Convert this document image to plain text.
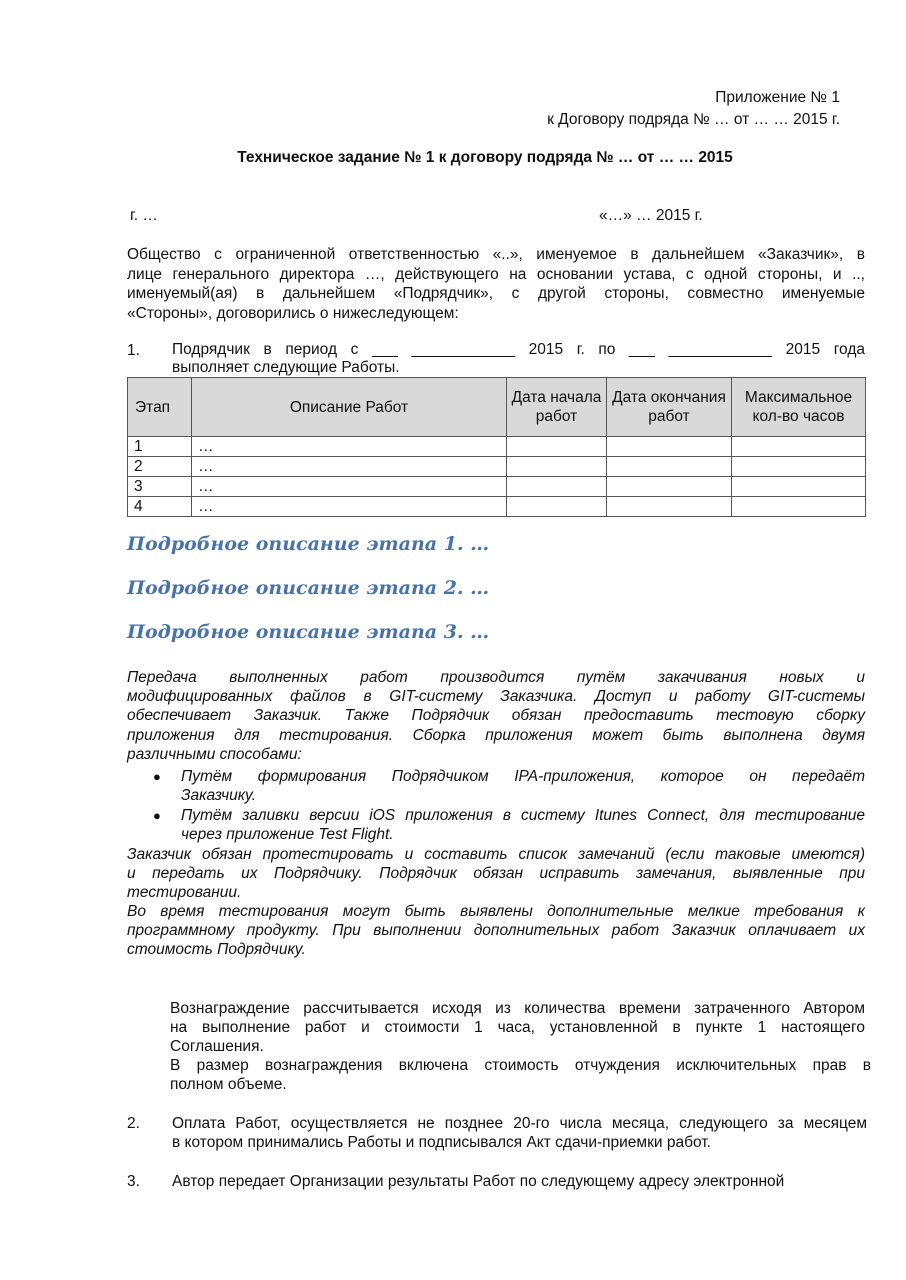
Приложение № 1
к Договору подряда № … от … … 2015 г.
Техническое задание № 1 к договору подряда № … от … … 2015
г. …	«…» … 2015 г.
Общество с ограниченной ответственностью «..», именуемое в дальнейшем «Заказчик», в
лице генерального директора …, действующего на основании устава, с одной стороны, и ..,
именуемый(ая) в дальнейшем «Подрядчик», с другой стороны, совместно именуемые
«Стороны», договорились о нижеследующем:
1. Подрядчик в период с ___ ____________ 2015 г. по ___ ____________ 2015 года
выполняет следующие Работы.
Этап	Описание Работ	Дата начала работ	Дата окончания работ	Максимальное кол-во часов
1	…			
2	…			
3	…			
4	…			
Подробное описание этапа 1. …
Подробное описание этапа 2. …
Подробное описание этапа 3. …
Передача выполненных работ производится путём закачивания новых и
модифицированных файлов в GIT-систему Заказчика. Доступ и работу GIT-системы
обеспечивает Заказчик. Также Подрядчик обязан предоставить тестовую сборку
приложения для тестирования. Сборка приложения может быть выполнена двумя
различными способами:
● Путём формирования Подрядчиком IPA-приложения, которое он передаёт
Заказчику.
● Путём заливки версии iOS приложения в систему Itunes Connect, для тестирование
через приложение Test Flight.
Заказчик обязан протестировать и составить список замечаний (если таковые имеются)
и передать их Подрядчику. Подрядчик обязан исправить замечания, выявленные при
тестировании.
Во время тестирования могут быть выявлены дополнительные мелкие требования к
программному продукту. При выполнении дополнительных работ Заказчик оплачивает их
стоимость Подрядчику.
Вознаграждение рассчитывается исходя из количества времени затраченного Автором
на выполнение работ и стоимости 1 часа, установленной в пункте 1 настоящего
Соглашения.
В размер вознаграждения включена стоимость отчуждения исключительных прав в
полном объеме.
2. Оплата Работ, осуществляется не позднее 20-го числа месяца, следующего за месяцем
в котором принимались Работы и подписывался Акт сдачи-приемки работ.
3. Автор передает Организации результаты Работ по следующему адресу электронной
